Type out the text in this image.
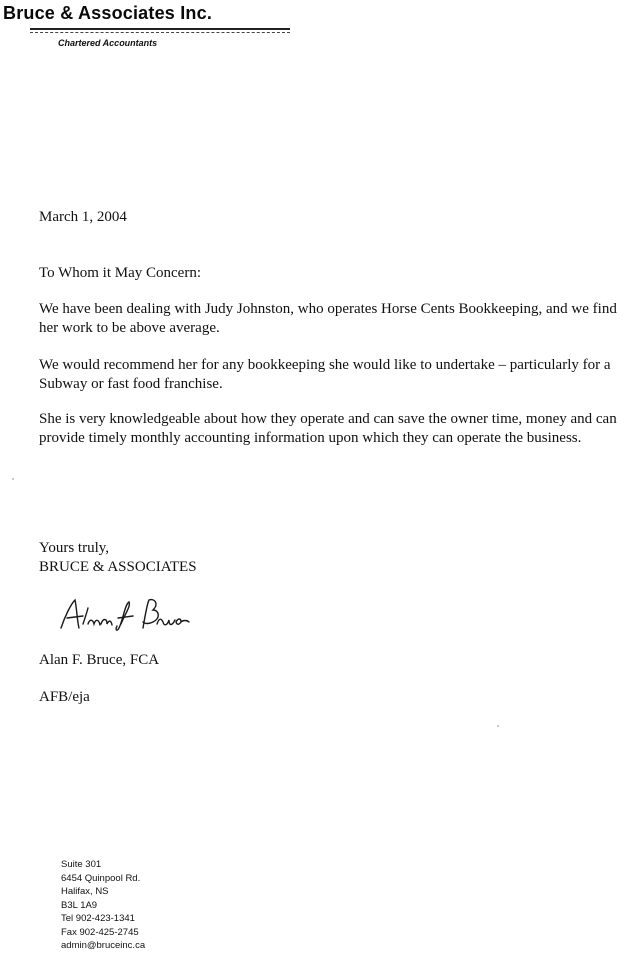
Bruce & Associates Inc.
Chartered Accountants
March 1, 2004
To Whom it May Concern:

We have been dealing with Judy Johnston, who operates Horse Cents Bookkeeping, and we find her work to be above average.

We would recommend her for any bookkeeping she would like to undertake – particularly for a Subway or fast food franchise.

She is very knowledgeable about how they operate and can save the owner time, money and can provide timely monthly accounting information upon which they can operate the business.

Yours truly,
BRUCE & ASSOCIATES
Alan F. Bruce, FCA
AFB/eja
Suite 301
6454 Quinpool Rd.
Halifax, NS
B3L 1A9
Tel 902-423-1341
Fax 902-425-2745
admin@bruceinc.ca
